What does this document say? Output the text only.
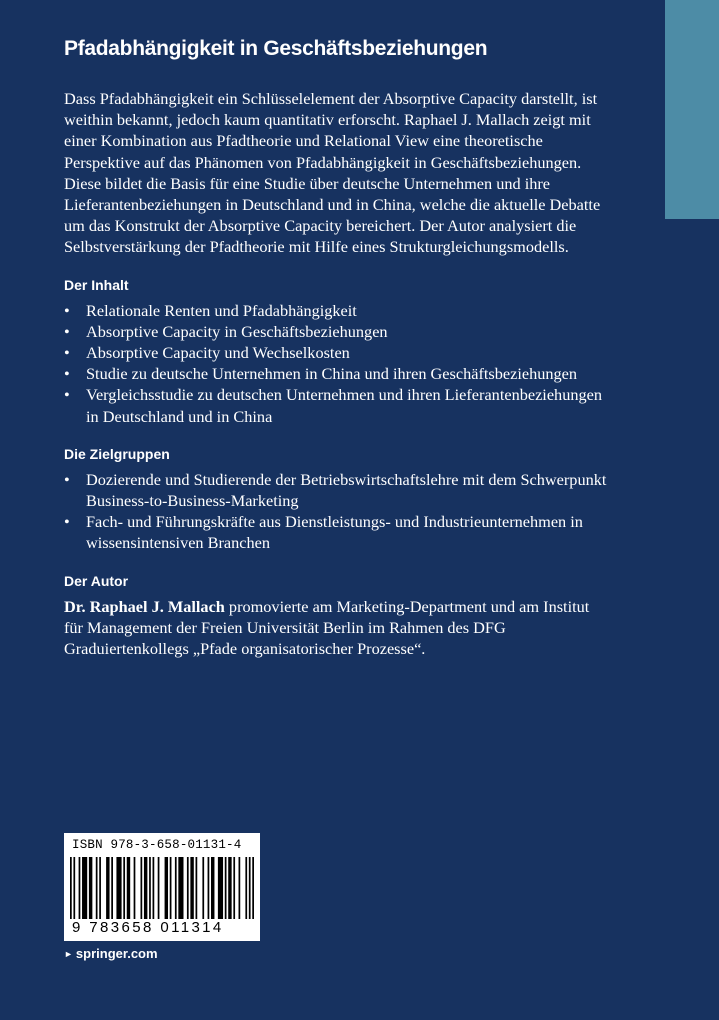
Pfadabhängigkeit in Geschäftsbeziehungen

Dass Pfadabhängigkeit ein Schlüsselelement der Absorptive Capacity darstellt, ist weithin bekannt, jedoch kaum quantitativ erforscht. Raphael J. Mallach zeigt mit einer Kombination aus Pfadtheorie und Relational View eine theoretische Perspektive auf das Phänomen von Pfadabhängigkeit in Geschäftsbeziehungen. Diese bildet die Basis für eine Studie über deutsche Unternehmen und ihre Lieferantenbeziehungen in Deutschland und in China, welche die aktuelle Debatte um das Konstrukt der Absorptive Capacity bereichert. Der Autor analysiert die Selbstverstärkung der Pfadtheorie mit Hilfe eines Strukturgleichungsmodells.

Der Inhalt
• Relationale Renten und Pfadabhängigkeit
• Absorptive Capacity in Geschäftsbeziehungen
• Absorptive Capacity und Wechselkosten
• Studie zu deutsche Unternehmen in China und ihren Geschäftsbeziehungen
• Vergleichsstudie zu deutschen Unternehmen und ihren Lieferantenbeziehungen in Deutschland und in China
Die Zielgruppen
• Dozierende und Studierende der Betriebswirtschaftslehre mit dem Schwerpunkt Business-to-Business-Marketing
• Fach- und Führungskräfte aus Dienstleistungs- und Industrieunternehmen in wissensintensiven Branchen
Der Autor

Dr. Raphael J. Mallach promovierte am Marketing-Department und am Institut für Management der Freien Universität Berlin im Rahmen des DFG Graduiertenkollegs „Pfade organisatorischer Prozesse“.

ISBN 978-3-658-01131-4
9 783658 011314
► springer.com
